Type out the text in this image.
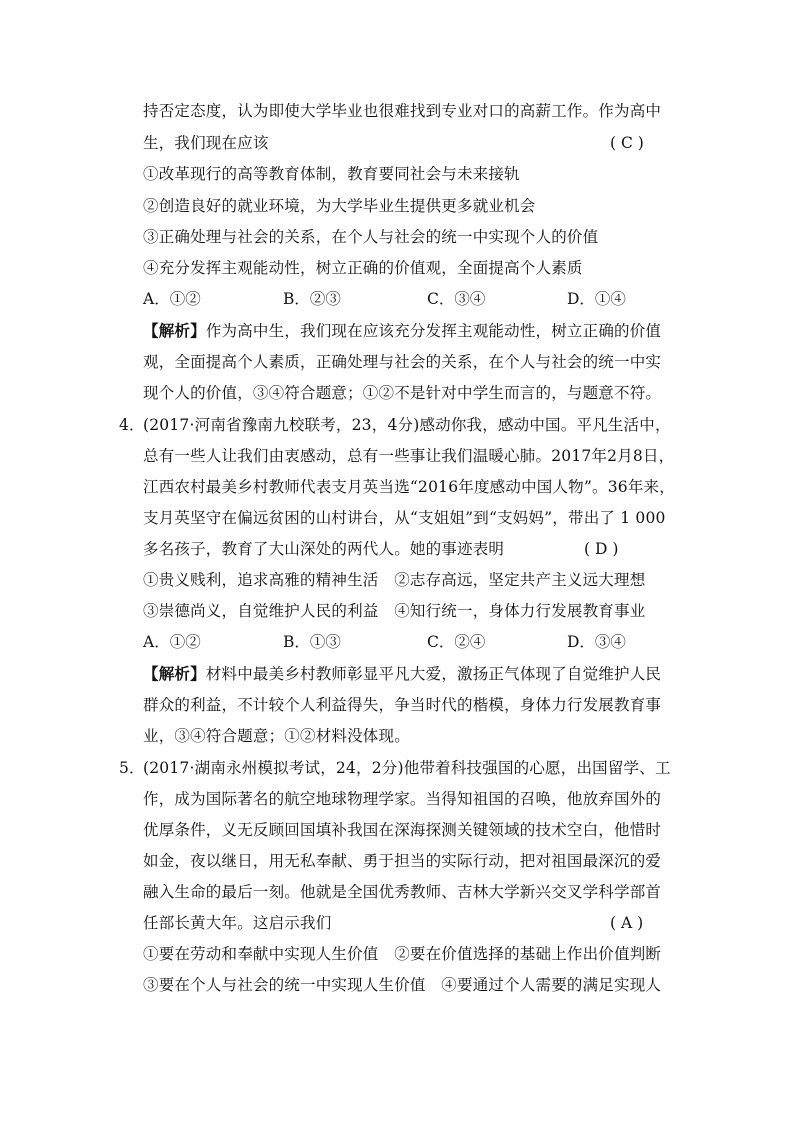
持否定态度，认为即使大学毕业也很难找到专业对口的高薪工作。作为高中
生，我们现在应该	( C )
①改革现行的高等教育体制，教育要同社会与未来接轨
②创造良好的就业环境，为大学毕业生提供更多就业机会
③正确处理与社会的关系，在个人与社会的统一中实现个人的价值
④充分发挥主观能动性，树立正确的价值观，全面提高个人素质
A．①②	B．②③	C．③④	D．①④
【解析】作为高中生，我们现在应该充分发挥主观能动性，树立正确的价值
观，全面提高个人素质，正确处理与社会的关系，在个人与社会的统一中实
现个人的价值，③④符合题意；①②不是针对中学生而言的，与题意不符。
4．
(2017·河南省豫南九校联考，23，4分)感动你我，感动中国。平凡生活中，
总有一些人让我们由衷感动，总有一些事让我们温暖心肺。2017年2月8日，
江西农村最美乡村教师代表支月英当选“2016年度感动中国人物”。36年来，
支月英坚守在偏远贫困的山村讲台，从“支姐姐”到“支妈妈”，带出了 1 000
多名孩子，教育了大山深处的两代人。她的事迹表明	( D )
①贵义贱利，追求高雅的精神生活　②志存高远，坚定共产主义远大理想
③崇德尚义，自觉维护人民的利益　④知行统一，身体力行发展教育事业
A．①②	B．①③	C．②④	D．③④
【解析】材料中最美乡村教师彰显平凡大爱，激扬正气体现了自觉维护人民
群众的利益，不计较个人利益得失，争当时代的楷模，身体力行发展教育事
业，③④符合题意；①②材料没体现。
5．
(2017·湖南永州模拟考试，24，2分)他带着科技强国的心愿，出国留学、工
作，成为国际著名的航空地球物理学家。当得知祖国的召唤，他放弃国外的
优厚条件，义无反顾回国填补我国在深海探测关键领域的技术空白，他惜时
如金，夜以继日，用无私奉献、勇于担当的实际行动，把对祖国最深沉的爱
融入生命的最后一刻。他就是全国优秀教师、吉林大学新兴交叉学科学部首
任部长黄大年。这启示我们	( A )
①要在劳动和奉献中实现人生价值　②要在价值选择的基础上作出价值判断
③要在个人与社会的统一中实现人生价值　④要通过个人需要的满足实现人
